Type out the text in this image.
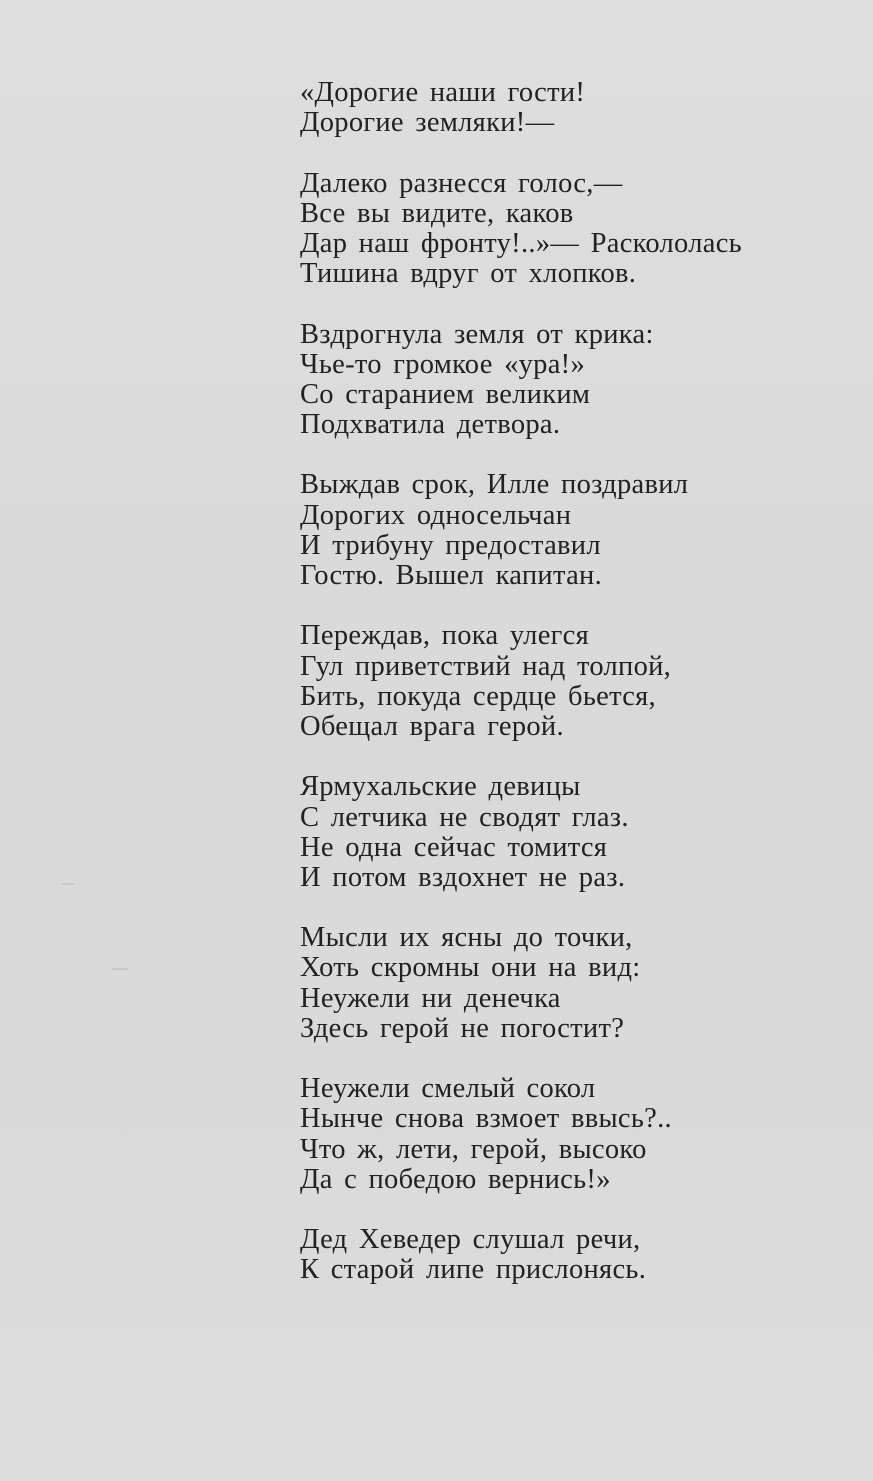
«Дорогие наши гости!
Дорогие земляки!—
Далеко разнесся голос,—
Все вы видите, каков
Дар наш фронту!..»— Раскололась
Тишина вдруг от хлопков.
Вздрогнула земля от крика:
Чье-то громкое «ура!»
Со старанием великим
Подхватила детвора.
Выждав срок, Илле поздравил
Дорогих односельчан
И трибуну предоставил
Гостю. Вышел капитан.
Переждав, пока улегся
Гул приветствий над толпой,
Бить, покуда сердце бьется,
Обещал врага герой.
Ярмухальские девицы
С летчика не сводят глаз.
Не одна сейчас томится
И потом вздохнет не раз.
Мысли их ясны до точки,
Хоть скромны они на вид:
Неужели ни денечка
Здесь герой не погостит?
Неужели смелый сокол
Нынче снова взмоет ввысь?..
Что ж, лети, герой, высоко
Да с победою вернись!»
Дед Хеведер слушал речи,
К старой липе прислонясь.
